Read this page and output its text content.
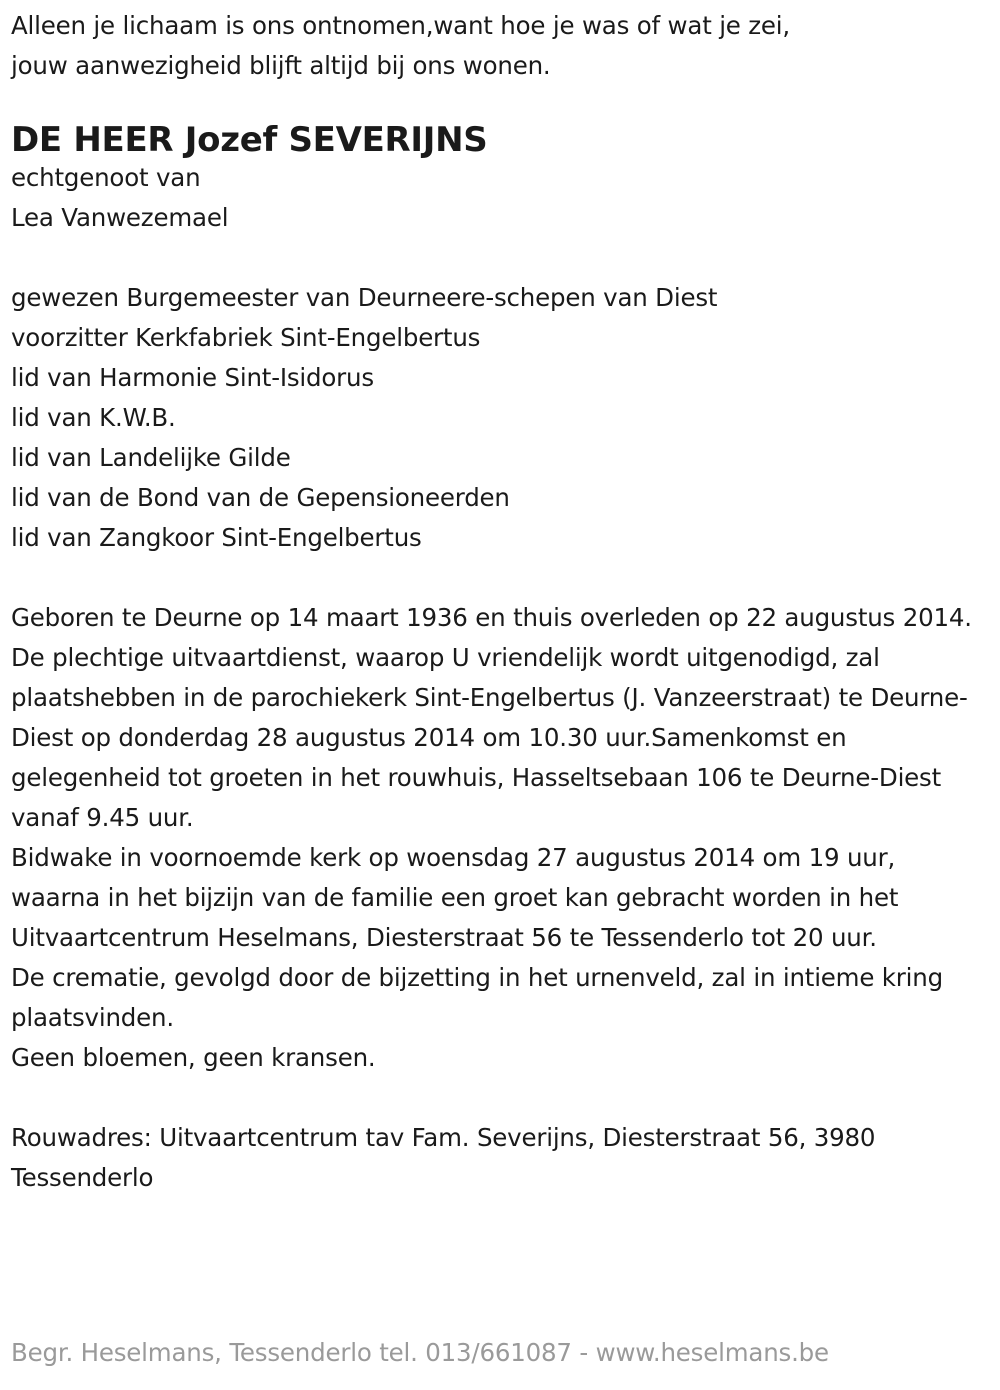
Alleen je lichaam is ons ontnomen,want hoe je was of wat je zei,
jouw aanwezigheid blijft altijd bij ons wonen.
DE HEER Jozef SEVERIJNS
echtgenoot van
Lea Vanwezemael
gewezen Burgemeester van Deurneere-schepen van Diest
voorzitter Kerkfabriek Sint-Engelbertus
lid van Harmonie Sint-Isidorus
lid van K.W.B.
lid van Landelijke Gilde
lid van de Bond van de Gepensioneerden
lid van Zangkoor Sint-Engelbertus
Geboren te Deurne op 14 maart 1936 en thuis overleden op 22 augustus 2014.
De plechtige uitvaartdienst, waarop U vriendelijk wordt uitgenodigd, zal plaatshebben in de parochiekerk Sint-Engelbertus (J. Vanzeerstraat) te Deurne-Diest op donderdag 28 augustus 2014 om 10.30 uur.Samenkomst en gelegenheid tot groeten in het rouwhuis, Hasseltsebaan 106 te Deurne-Diest vanaf 9.45 uur.
Bidwake in voornoemde kerk op woensdag 27 augustus 2014 om 19 uur, waarna in het bijzijn van de familie een groet kan gebracht worden in het Uitvaartcentrum Heselmans, Diesterstraat 56 te Tessenderlo tot 20 uur.
De crematie, gevolgd door de bijzetting in het urnenveld, zal in intieme kring plaatsvinden.
Geen bloemen, geen kransen.
Rouwadres: Uitvaartcentrum tav Fam. Severijns, Diesterstraat 56, 3980 Tessenderlo
Begr. Heselmans, Tessenderlo tel. 013/661087 - www.heselmans.be
